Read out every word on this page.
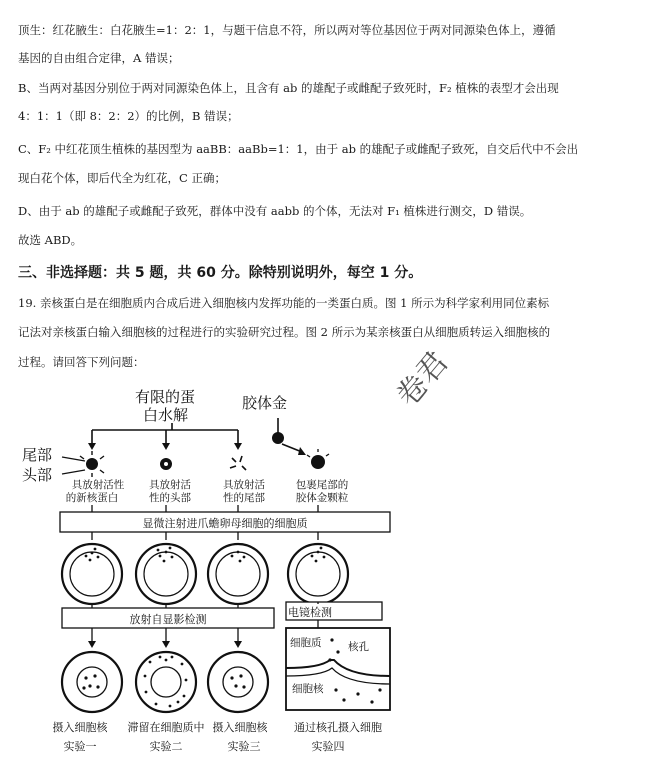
顶生：红花腋生：白花腋生=1：2：1，与题干信息不符，所以两对等位基因位于两对同源染色体上，遵循
基因的自由组合定律，A 错误；
B、当两对基因分别位于两对同源染色体上，且含有 ab 的雄配子或雌配子致死时，F₂ 植株的表型才会出现
4：1：1（即 8：2：2）的比例，B 错误；
C、F₂ 中红花顶生植株的基因型为 aaBB：aaBb=1：1，由于 ab 的雄配子或雌配子致死，自交后代中不会出
现白花个体，即后代全为红花，C 正确；
D、由于 ab 的雄配子或雌配子致死，群体中没有 aabb 的个体，无法对 F₁ 植株进行测交，D 错误。
故选 ABD。
三、非选择题：共 5 题，共 60 分。除特别说明外，每空 1 分。
19. 亲核蛋白是在细胞质内合成后进入细胞核内发挥功能的一类蛋白质。图 1 所示为科学家利用同位素标
记法对亲核蛋白输入细胞核的过程进行的实验研究过程。图 2 所示为某亲核蛋白从细胞质转运入细胞核的
过程。请回答下列问题：	卷君
有限的蛋
白水解
胶体金
尾部
头部
具放射活性
的新核蛋白
具放射活
性的头部
具放射活
性的尾部
包裹尾部的
胶体金颗粒
显微注射进爪蟾卵母细胞的细胞质
放射自显影检测
电镜检测
细胞质	核孔
细胞核
摄入细胞核 滞留在细胞质中 摄入细胞核 通过核孔摄入细胞
实验一	实验二	实验三	实验四
